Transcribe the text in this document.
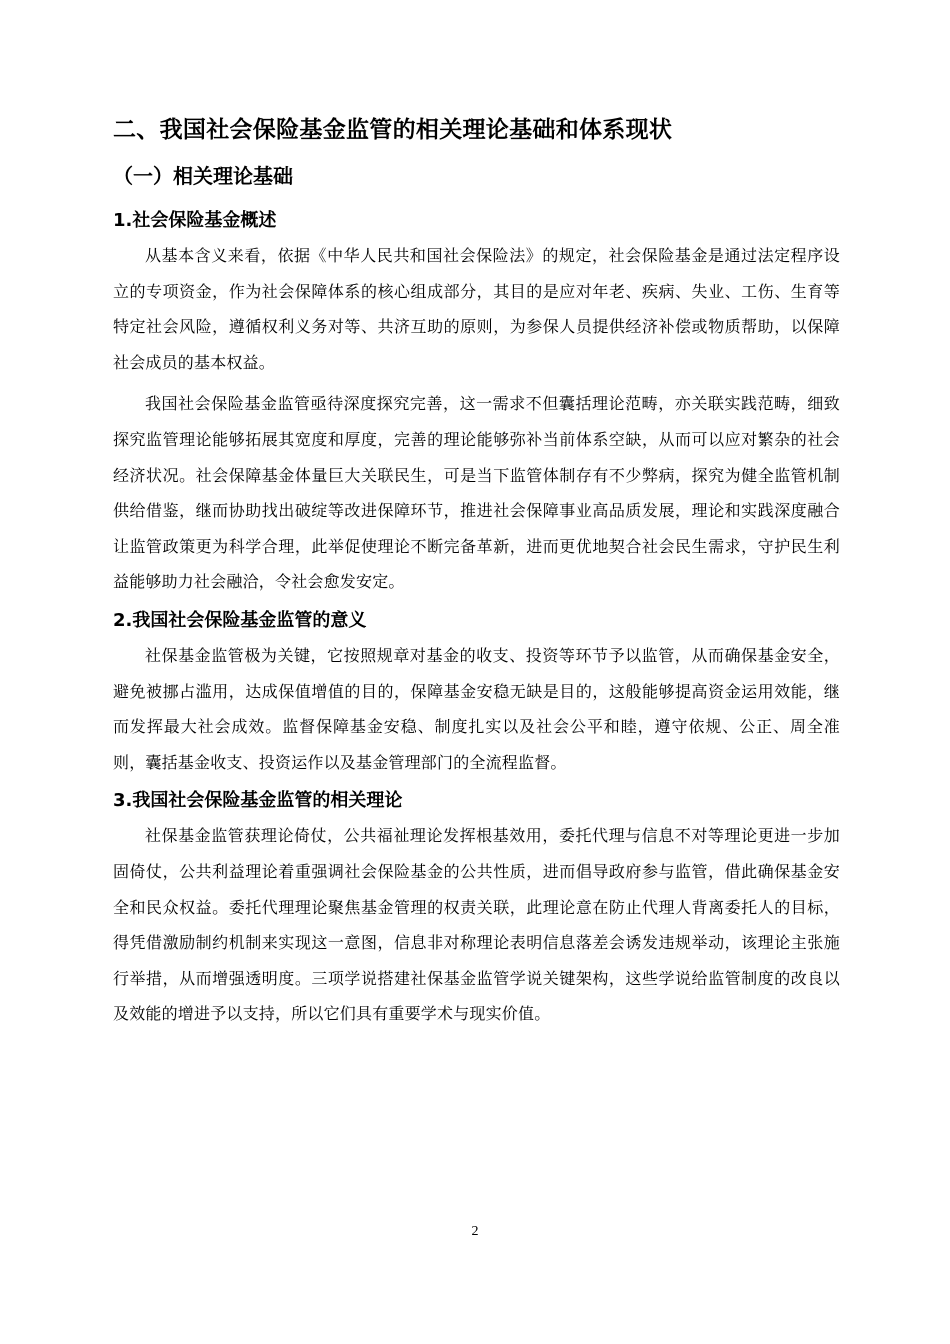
二、我国社会保险基金监管的相关理论基础和体系现状
（一）相关理论基础
1.社会保险基金概述

从基本含义来看，依据《中华人民共和国社会保险法》的规定，社会保险基金是通过法定程序设立的专项资金，作为社会保障体系的核心组成部分，其目的是应对年老、疾病、失业、工伤、生育等特定社会风险，遵循权利义务对等、共济互助的原则，为参保人员提供经济补偿或物质帮助，以保障社会成员的基本权益。

我国社会保险基金监管亟待深度探究完善，这一需求不但囊括理论范畴，亦关联实践范畴，细致探究监管理论能够拓展其宽度和厚度，完善的理论能够弥补当前体系空缺，从而可以应对繁杂的社会经济状况。社会保障基金体量巨大关联民生，可是当下监管体制存有不少弊病，探究为健全监管机制供给借鉴，继而协助找出破绽等改进保障环节，推进社会保障事业高品质发展，理论和实践深度融合让监管政策更为科学合理，此举促使理论不断完备革新，进而更优地契合社会民生需求，守护民生利益能够助力社会融洽，令社会愈发安定。

2.我国社会保险基金监管的意义

社保基金监管极为关键，它按照规章对基金的收支、投资等环节予以监管，从而确保基金安全，避免被挪占滥用，达成保值增值的目的，保障基金安稳无缺是目的，这般能够提高资金运用效能，继而发挥最大社会成效。监督保障基金安稳、制度扎实以及社会公平和睦，遵守依规、公正、周全准则，囊括基金收支、投资运作以及基金管理部门的全流程监督。

3.我国社会保险基金监管的相关理论

社保基金监管获理论倚仗，公共福祉理论发挥根基效用，委托代理与信息不对等理论更进一步加固倚仗，公共利益理论着重强调社会保险基金的公共性质，进而倡导政府参与监管，借此确保基金安全和民众权益。委托代理理论聚焦基金管理的权责关联，此理论意在防止代理人背离委托人的目标，得凭借激励制约机制来实现这一意图，信息非对称理论表明信息落差会诱发违规举动，该理论主张施行举措，从而增强透明度。三项学说搭建社保基金监管学说关键架构，这些学说给监管制度的改良以及效能的增进予以支持，所以它们具有重要学术与现实价值。

2
